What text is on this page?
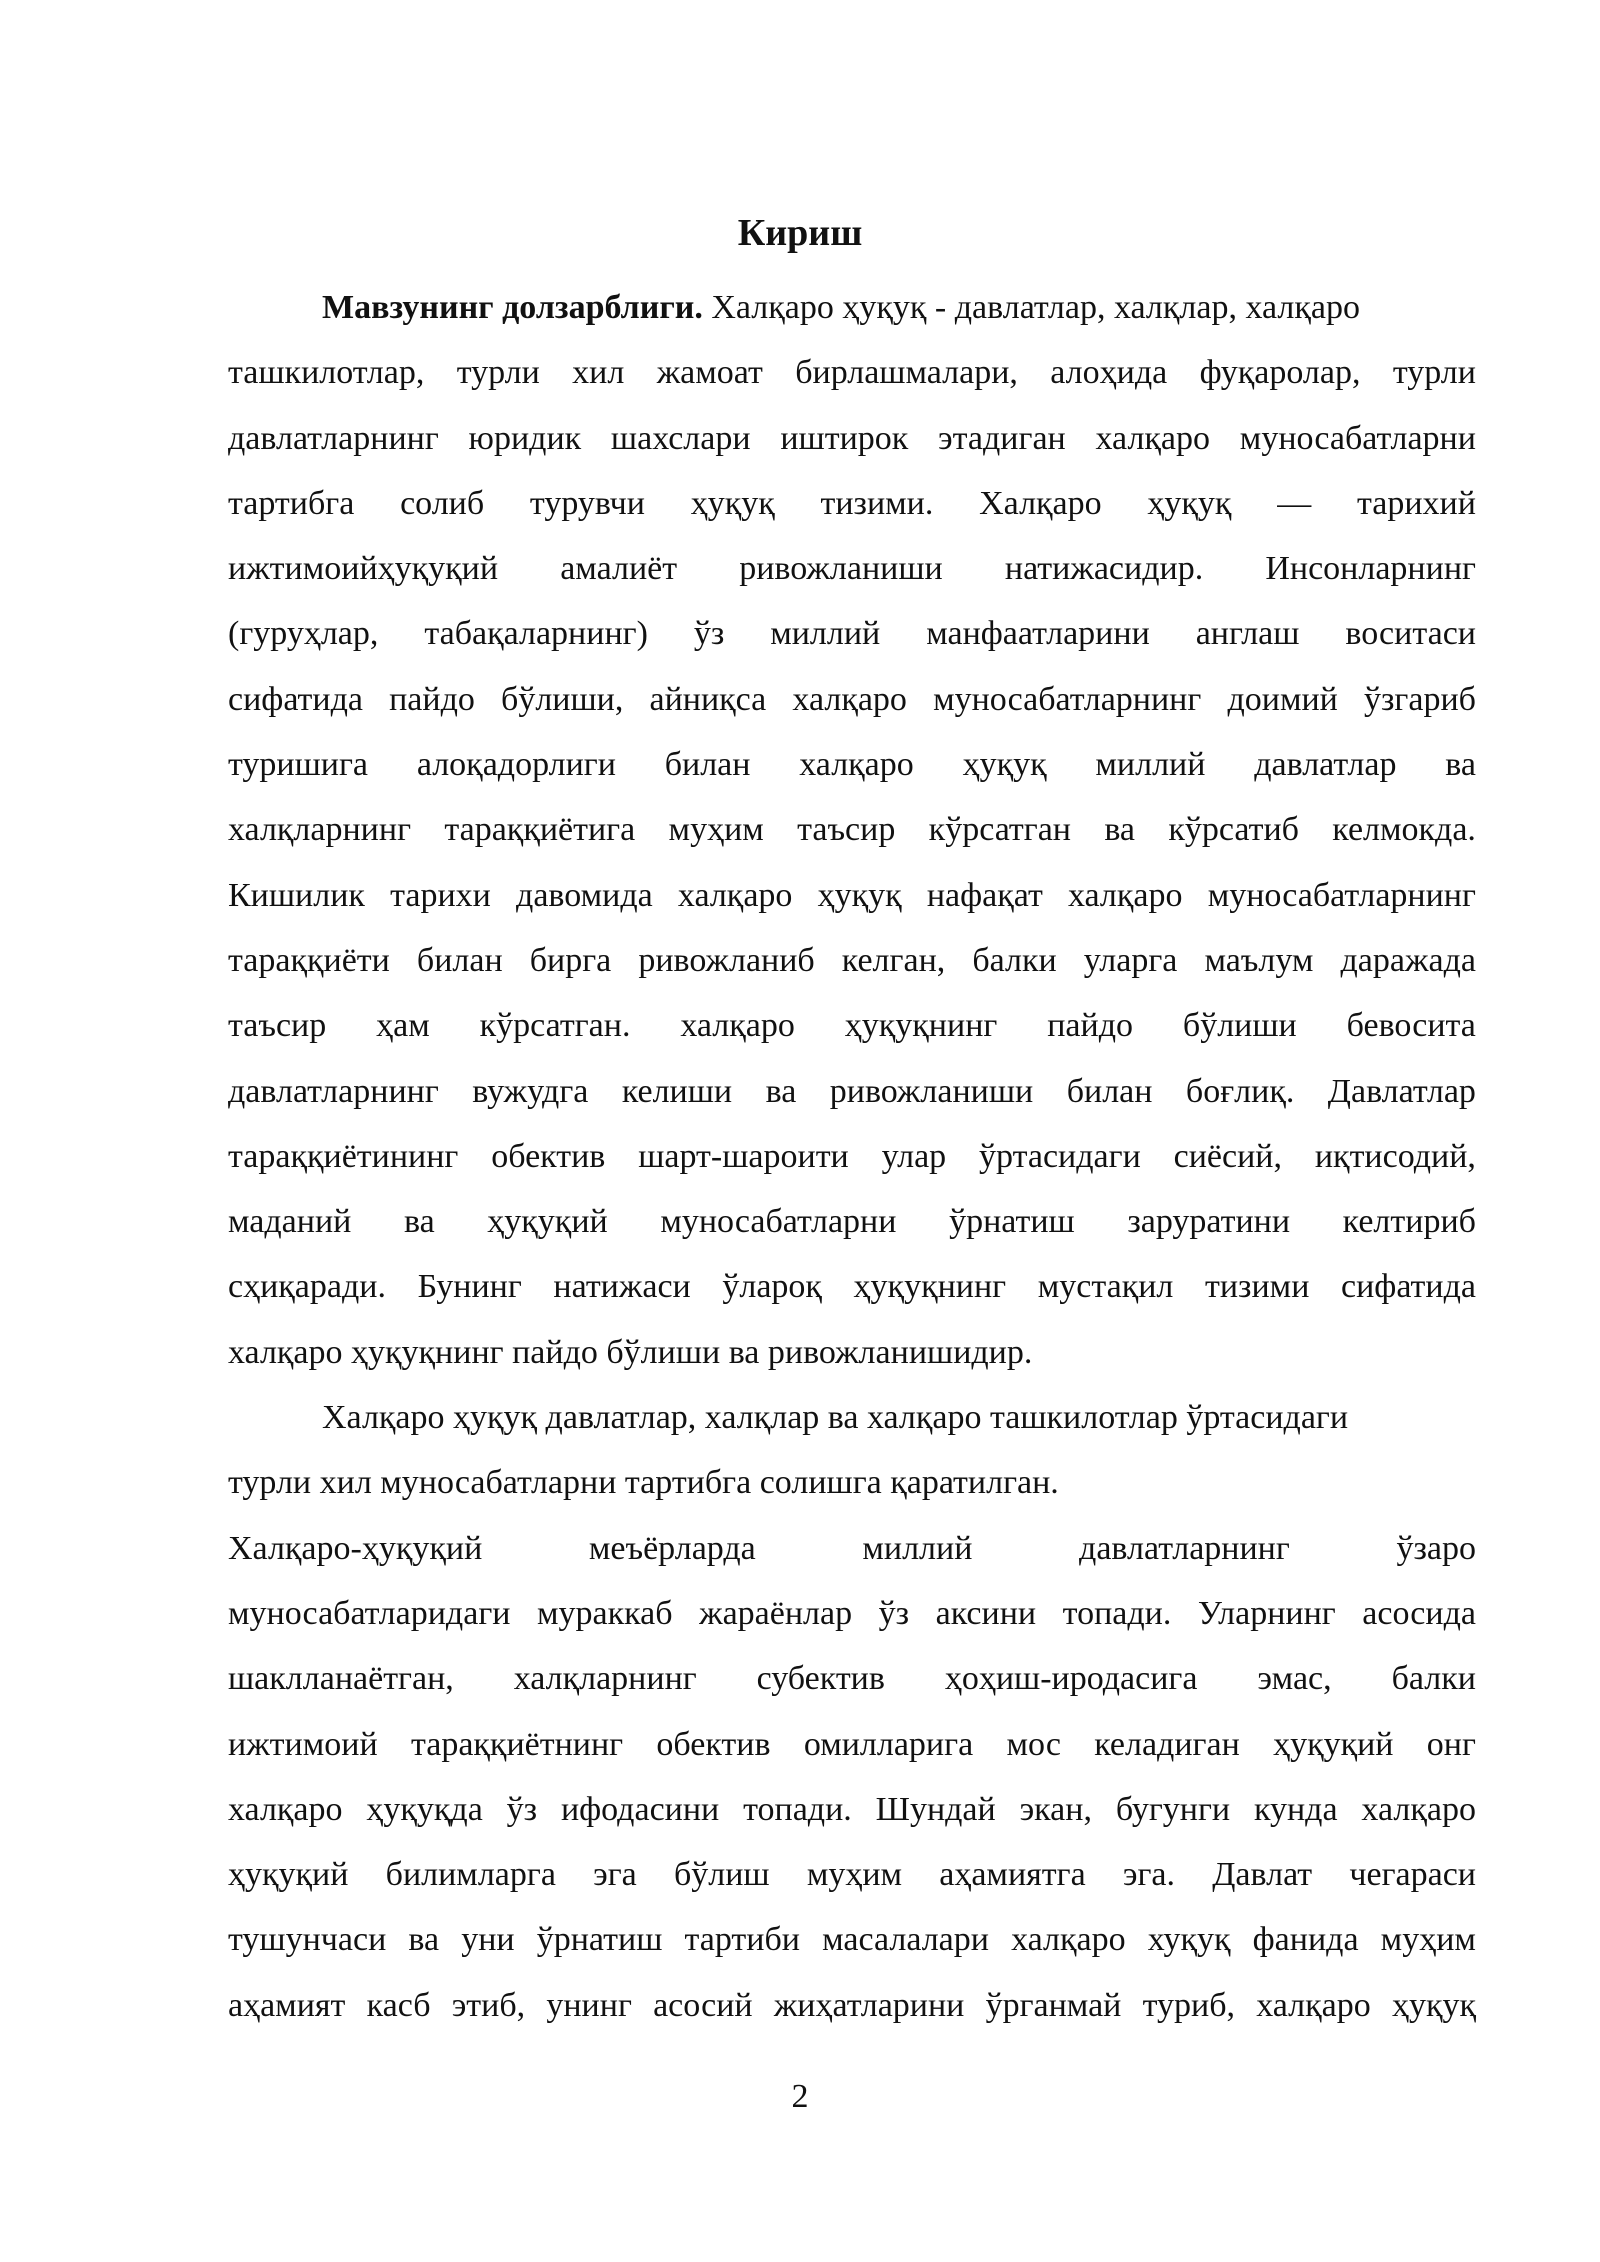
Кириш
Мавзунинг долзарблиги. Халқаро ҳуқуқ - давлатлар, халқлар, халқаро
ташкилотлар, турли хил жамоат бирлашмалари, алоҳида фуқаролар, турли
давлатларнинг юридик шахслари иштирок этадиган халқаро муносабатларни
тартибга солиб турувчи ҳуқуқ тизими. Халқаро ҳуқуқ — тарихий
ижтимоийҳуқуқий амалиёт ривожланиши натижасидир. Инсонларнинг
(гуруҳлар, табақаларнинг) ўз миллий манфаатларини англаш воситаси
сифатида пайдо бўлиши, айниқса халқаро муносабатларнинг доимий ўзгариб
туришига алоқадорлиги билан халқаро ҳуқуқ миллий давлатлар ва
халқларнинг тараққиётига муҳим таъсир кўрсатган ва кўрсатиб келмокда.
Кишилик тарихи давомида халқаро ҳуқуқ нафақат халқаро муносабатларнинг
тараққиёти билан бирга ривожланиб келган, балки уларга маълум даражада
таъсир ҳам кўрсатган. халқаро ҳуқуқнинг пайдо бўлиши бевосита
давлатларнинг вужудга келиши ва ривожланиши билан боғлиқ. Давлатлар
тараққиётининг обектив шарт-шароити улар ўртасидаги сиёсий, иқтисодий,
маданий ва ҳуқуқий муносабатларни ўрнатиш заруратини келтириб
сҳиқаради. Бунинг натижаси ўлароқ ҳуқуқнинг мустақил тизими сифатида
халқаро ҳуқуқнинг пайдо бўлиши ва ривожланишидир.
Халқаро ҳуқуқ давлатлар, халқлар ва халқаро ташкилотлар ўртасидаги
турли хил муносабатларни тартибга солишга қаратилган.
Халқаро-ҳуқуқий	меъёрларда	миллий	давлатларнинг	ўзаро
муносабатларидаги мураккаб жараёнлар ўз аксини топади. Уларнинг асосида
шаклланаётган, халқларнинг субектив ҳоҳиш-иродасига эмас, балки
ижтимоий тараққиётнинг обектив омилларига мос келадиган ҳуқуқий онг
халқаро ҳуқуқда ўз ифодасини топади. Шундай экан, бугунги кунда халқаро
ҳуқуқий билимларга эга бўлиш муҳим аҳамиятга эга. Давлат чегараси
тушунчаси ва уни ўрнатиш тартиби масалалари халқаро хуқуқ фанида муҳим
аҳамият касб этиб, унинг асосий жиҳатларини ўрганмай туриб, халқаро ҳуқуқ
2
